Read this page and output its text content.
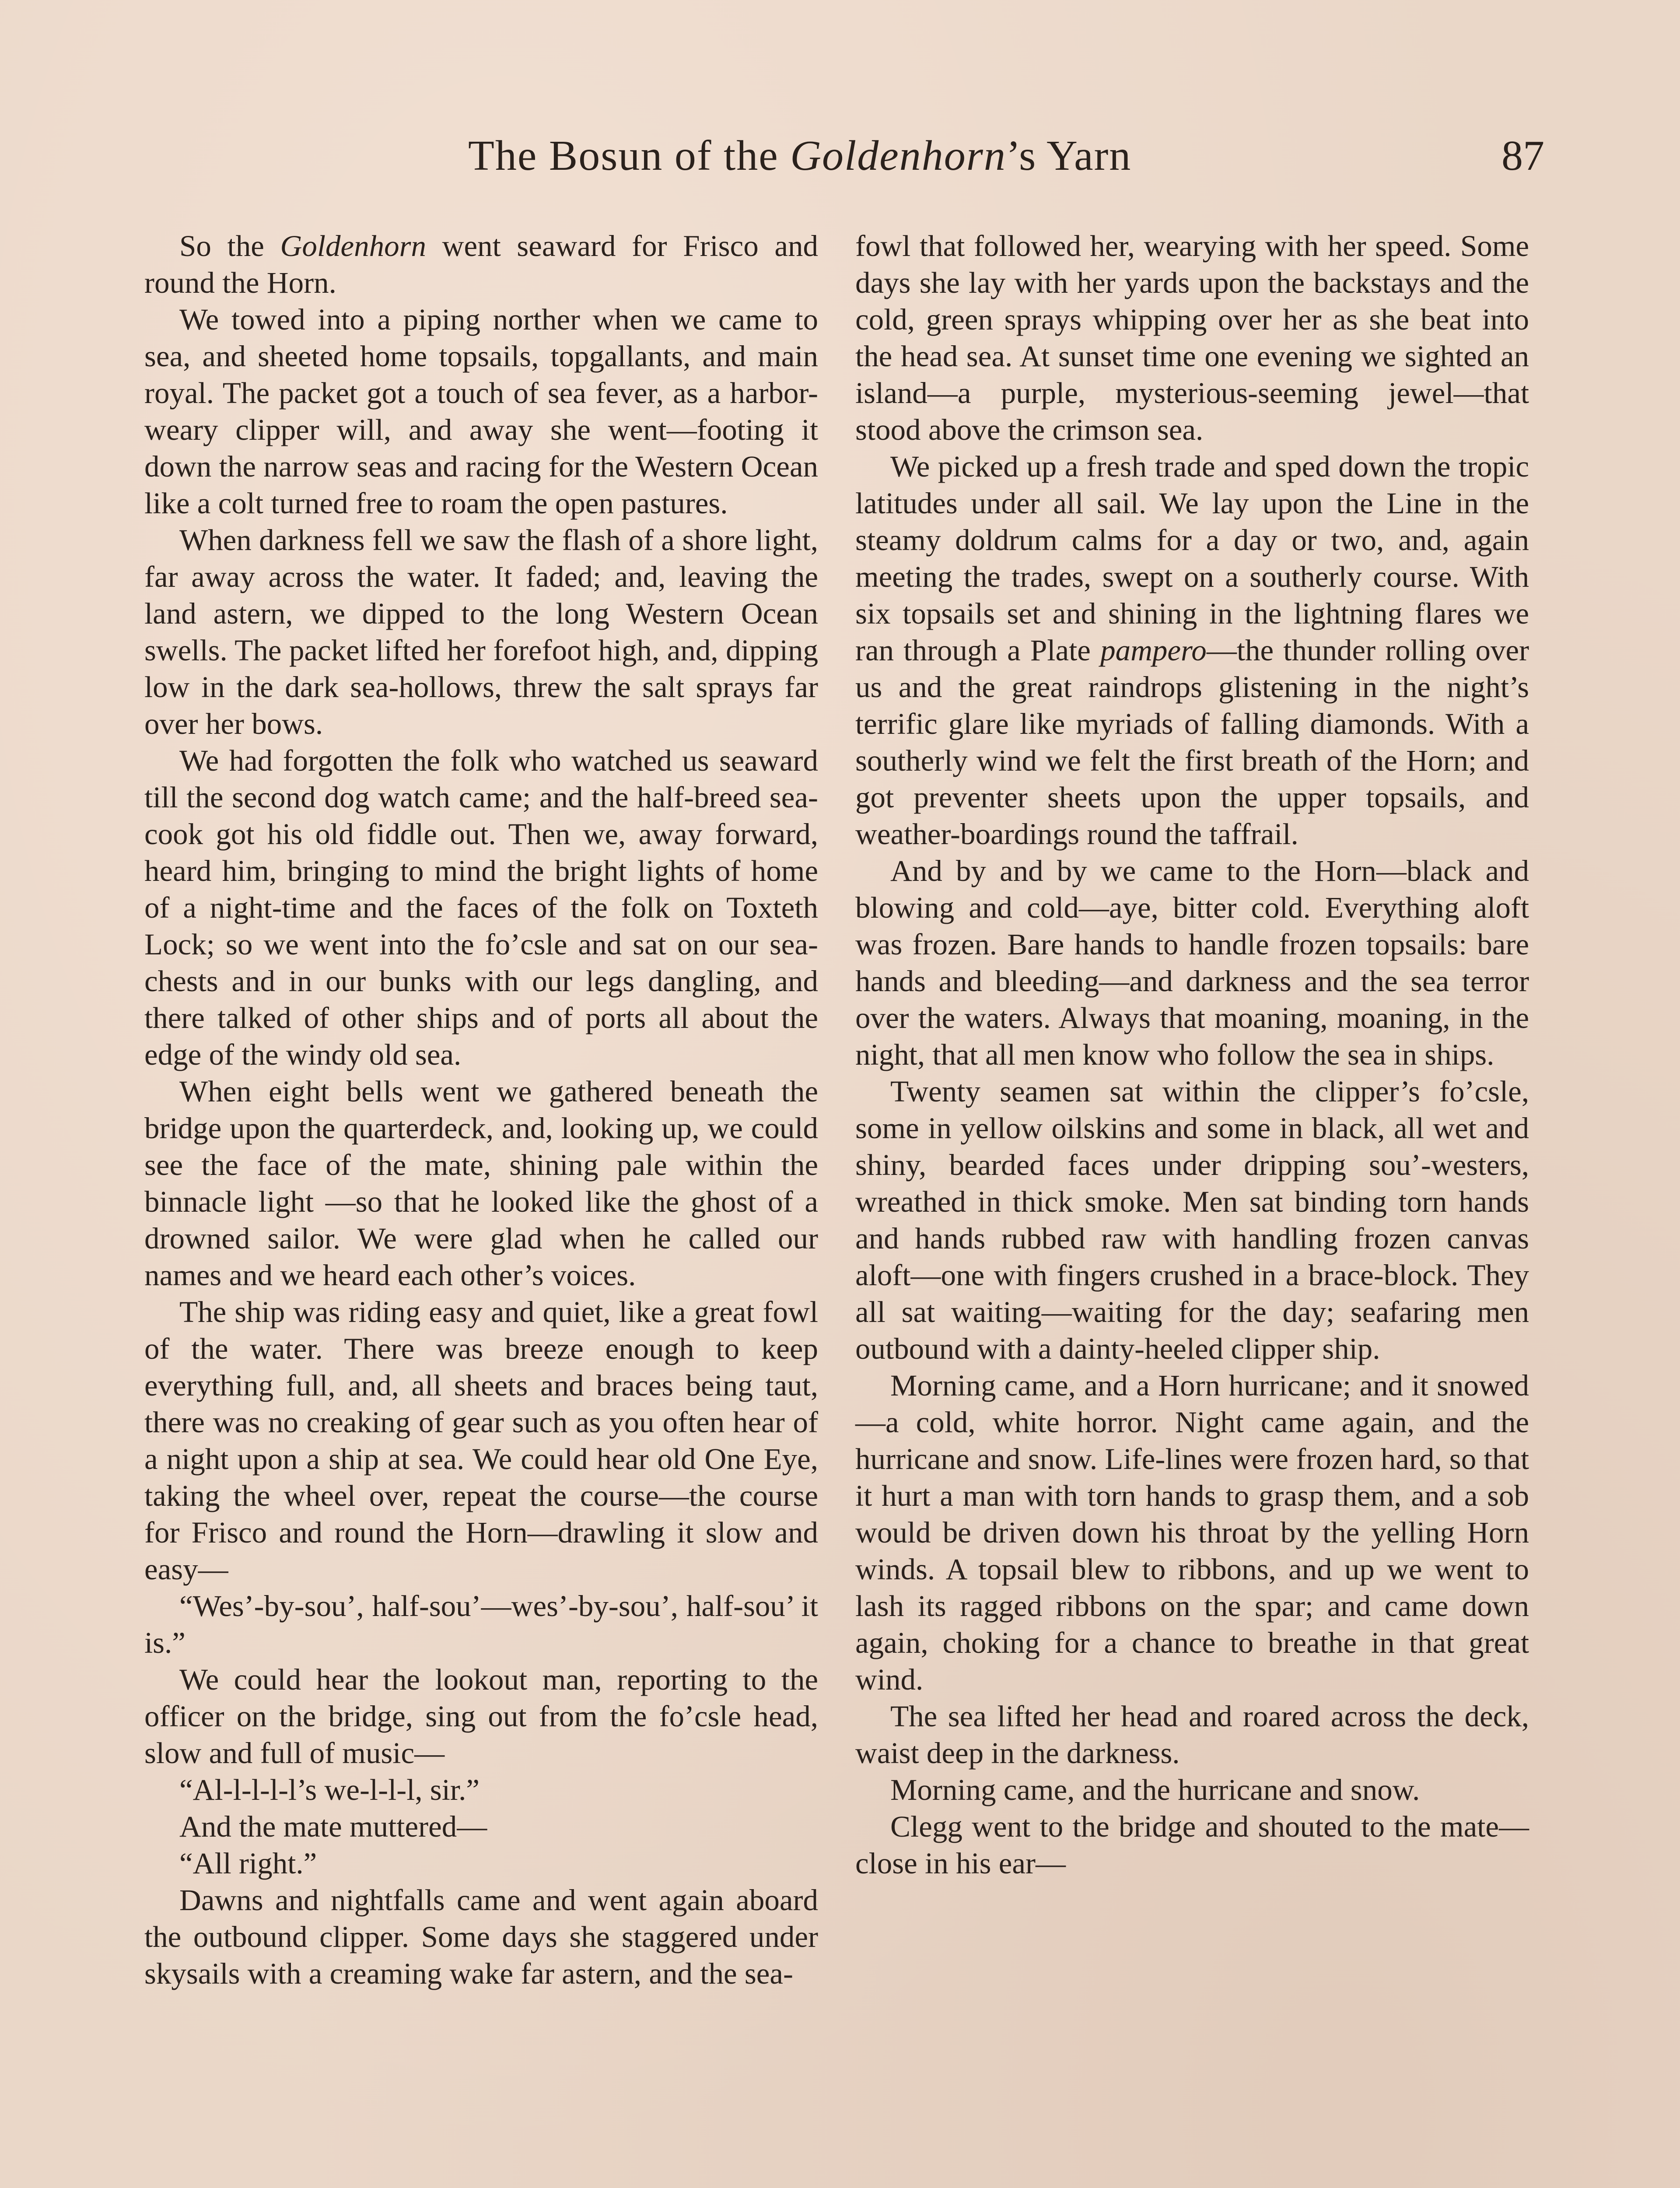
The Bosun of the Goldenhorn’s Yarn	87

So the Goldenhorn went seaward for Frisco and round the Horn.

We towed into a piping norther when we came to sea, and sheeted home topsails, topgallants, and main royal. The packet got a touch of sea fever, as a harbor-weary clipper will, and away she went—footing it down the narrow seas and racing for the Western Ocean like a colt turned free to roam the open pastures.

When darkness fell we saw the flash of a shore light, far away across the water. It faded; and, leaving the land astern, we dipped to the long Western Ocean swells. The packet lifted her forefoot high, and, dipping low in the dark sea-hollows, threw the salt sprays far over her bows.

We had forgotten the folk who watched us seaward till the second dog watch came; and the half-breed sea-cook got his old fiddle out. Then we, away forward, heard him, bringing to mind the bright lights of home of a night-time and the faces of the folk on Toxteth Lock; so we went into the fo’csle and sat on our sea-chests and in our bunks with our legs dangling, and there talked of other ships and of ports all about the edge of the windy old sea.

When eight bells went we gathered beneath the bridge upon the quarterdeck, and, looking up, we could see the face of the mate, shining pale within the binnacle light —so that he looked like the ghost of a drowned sailor. We were glad when he called our names and we heard each other’s voices.

The ship was riding easy and quiet, like a great fowl of the water. There was breeze enough to keep everything full, and, all sheets and braces being taut, there was no creaking of gear such as you often hear of a night upon a ship at sea. We could hear old One Eye, taking the wheel over, repeat the course—the course for Frisco and round the Horn—drawling it slow and easy—

“Wes’-by-sou’, half-sou’—wes’-by-sou’, half-sou’ it is.”

We could hear the lookout man, reporting to the officer on the bridge, sing out from the fo’csle head, slow and full of music—

“Al-l-l-l-l’s we-l-l-l, sir.”

And the mate muttered—

“All right.”

Dawns and nightfalls came and went again aboard the outbound clipper. Some days she staggered under skysails with a creaming wake far astern, and the sea-

fowl that followed her, wearying with her speed. Some days she lay with her yards upon the backstays and the cold, green sprays whipping over her as she beat into the head sea. At sunset time one evening we sighted an island—a purple, mysterious-seeming jewel—that stood above the crimson sea.

We picked up a fresh trade and sped down the tropic latitudes under all sail. We lay upon the Line in the steamy doldrum calms for a day or two, and, again meeting the trades, swept on a southerly course. With six topsails set and shining in the lightning flares we ran through a Plate pampero—the thunder rolling over us and the great raindrops glistening in the night’s terrific glare like myriads of falling diamonds. With a southerly wind we felt the first breath of the Horn; and got preventer sheets upon the upper topsails, and weather-boardings round the taffrail.

And by and by we came to the Horn—black and blowing and cold—aye, bitter cold. Everything aloft was frozen. Bare hands to handle frozen topsails: bare hands and bleeding—and darkness and the sea terror over the waters. Always that moaning, moaning, in the night, that all men know who follow the sea in ships.

Twenty seamen sat within the clipper’s fo’csle, some in yellow oilskins and some in black, all wet and shiny, bearded faces under dripping sou’-westers, wreathed in thick smoke. Men sat binding torn hands and hands rubbed raw with handling frozen canvas aloft—one with fingers crushed in a brace-block. They all sat waiting—waiting for the day; seafaring men outbound with a dainty-heeled clipper ship.

Morning came, and a Horn hurricane; and it snowed—a cold, white horror. Night came again, and the hurricane and snow. Life-lines were frozen hard, so that it hurt a man with torn hands to grasp them, and a sob would be driven down his throat by the yelling Horn winds. A topsail blew to ribbons, and up we went to lash its ragged ribbons on the spar; and came down again, choking for a chance to breathe in that great wind.

The sea lifted her head and roared across the deck, waist deep in the darkness.

Morning came, and the hurricane and snow.

Clegg went to the bridge and shouted to the mate—close in his ear—
